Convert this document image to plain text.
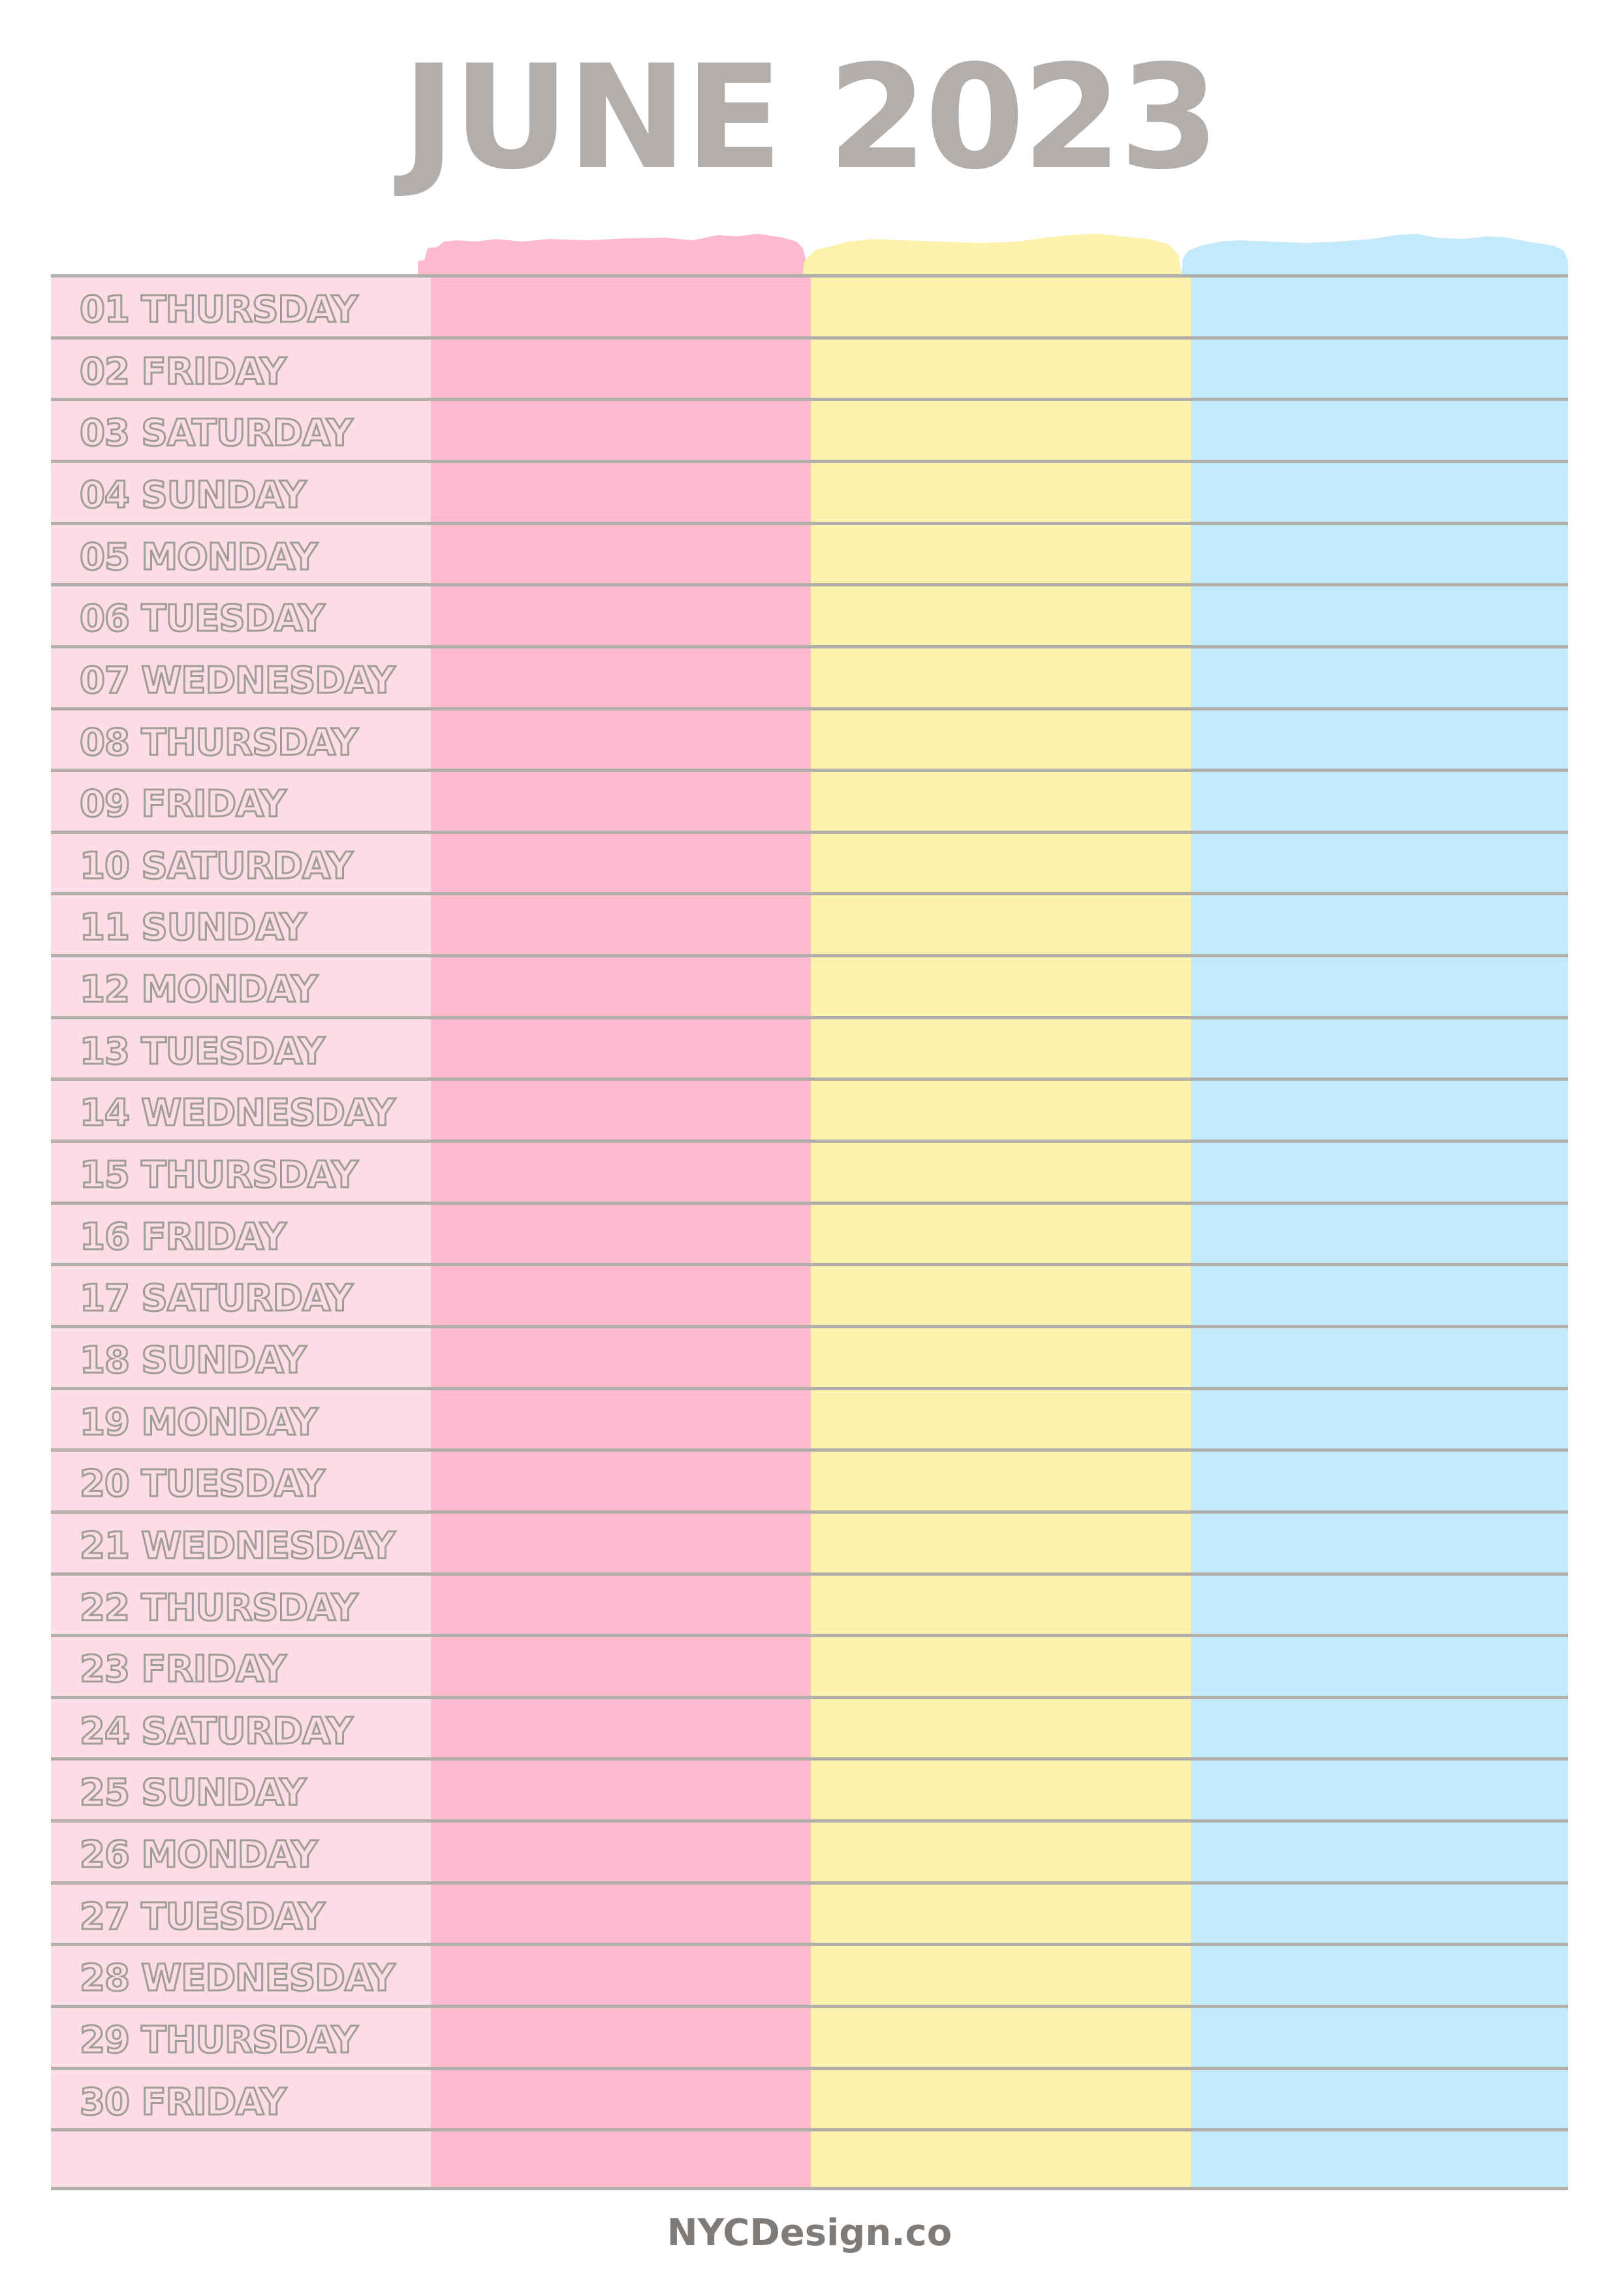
JUNE 2023
01 THURSDAY
02 FRIDAY
03 SATURDAY
04 SUNDAY
05 MONDAY
06 TUESDAY
07 WEDNESDAY
08 THURSDAY
09 FRIDAY
10 SATURDAY
11 SUNDAY
12 MONDAY
13 TUESDAY
14 WEDNESDAY
15 THURSDAY
16 FRIDAY
17 SATURDAY
18 SUNDAY
19 MONDAY
20 TUESDAY
21 WEDNESDAY
22 THURSDAY
23 FRIDAY
24 SATURDAY
25 SUNDAY
26 MONDAY
27 TUESDAY
28 WEDNESDAY
29 THURSDAY
30 FRIDAY
NYCDesign.co
